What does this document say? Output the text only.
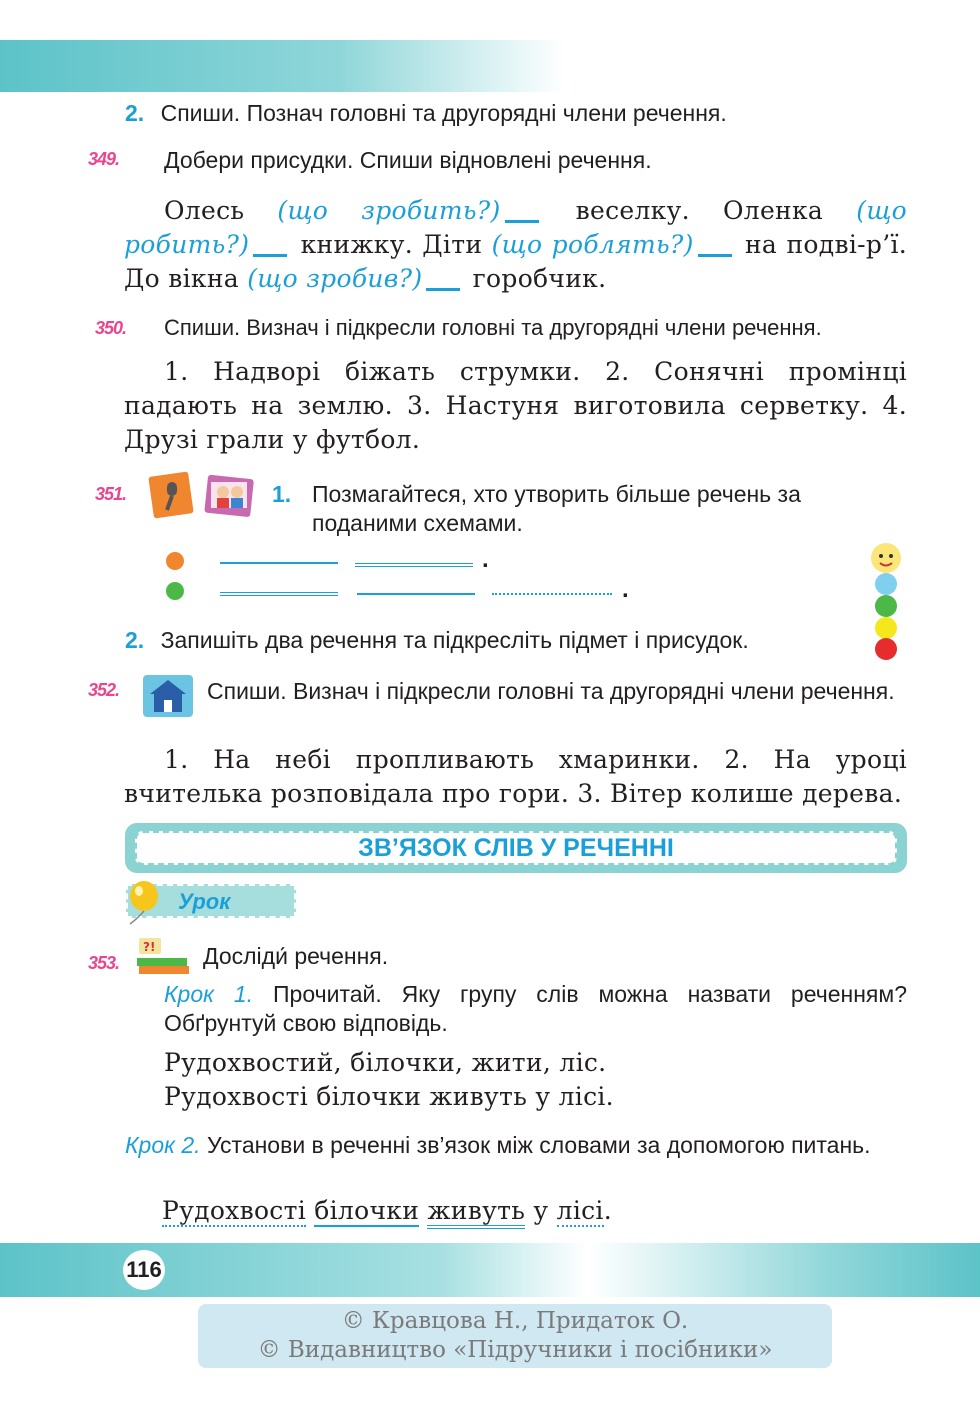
2. Спиши. Познач головні та другорядні члени речення.
349. Добери присудки. Спиши відновлені речення.
Олесь (що зробить?)	веселку. Оленка (що робить?) книжку. Діти (що роблять?) на подві-р’ї. До вікна (що зробив?) горобчик.
350. Спиши. Визнач і підкресли головні та другорядні члени речення.
1. Надворі біжать струмки. 2. Сонячні промінці падають на землю. 3. Настуня виготовила серветку. 4. Друзі грали у футбол.
351.	1. Позмагайтеся, хто утворить більше речень за поданими схемами.
.
.
2. Запишіть два речення та підкресліть підмет і присудок.
352.	Спиши. Визнач і підкресли головні та другорядні члени речення.
1. На небі пропливають хмаринки. 2. На уроці вчителька розповідала про гори. 3. Вітер колише дерева.
ЗВ’ЯЗОК СЛІВ У РЕЧЕННІ
Урок
353.
?! Досліди́ речення.
Крок 1. Прочитай. Яку групу слів можна назвати реченням? Обґрунтуй свою відповідь.
Рудохвостий, білочки, жити, ліс.
Рудохвості білочки живуть у лісі.
Крок 2. Установи в реченні зв’язок між словами за допомогою питань.
Рудохвості білочки живуть у лісі.
116
© Кравцова Н., Придаток О.
© Видавництво «Підручники і посібники»
